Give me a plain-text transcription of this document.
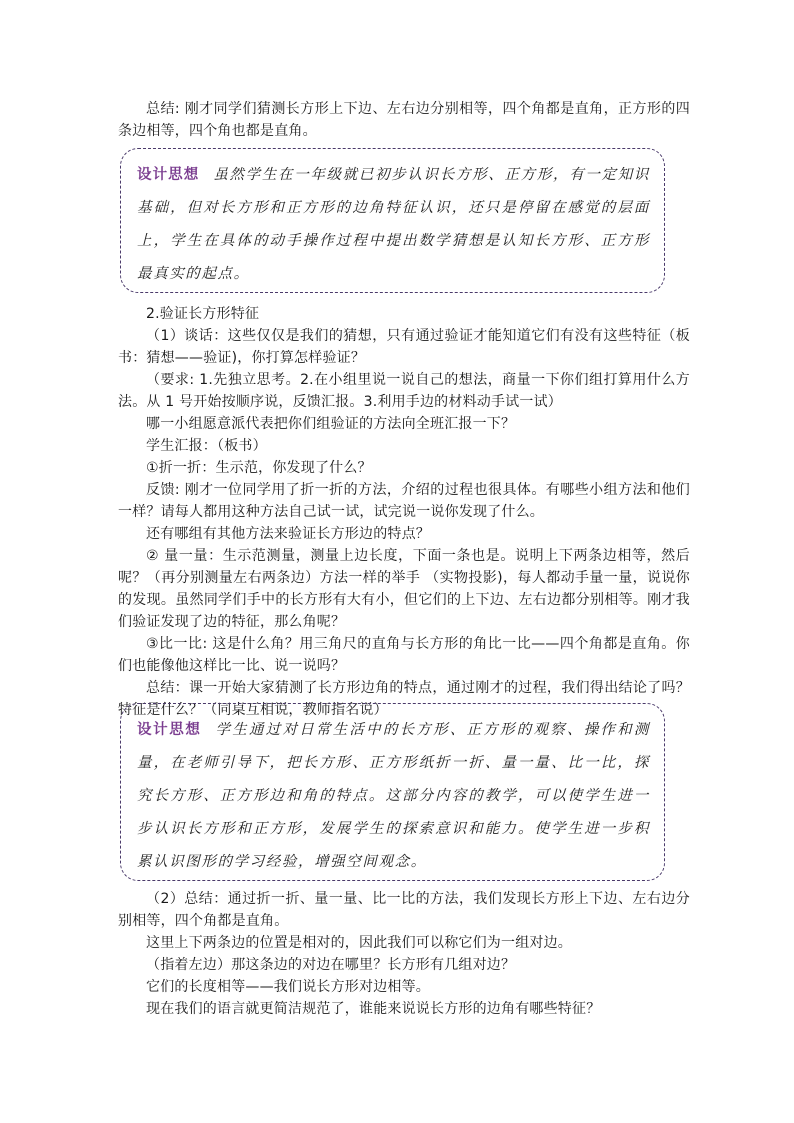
总结: 刚才同学们猜测长方形上下边、左右边分别相等，四个角都是直角，正方形的四条边相等，四个角也都是直角。

设计思想 虽然学生在一年级就已初步认识长方形、正方形，有一定知识基础，但对长方形和正方形的边角特征认识，还只是停留在感觉的层面上，学生在具体的动手操作过程中提出数学猜想是认知长方形、正方形最真实的起点。

2.验证长方形特征

（1）谈话：这些仅仅是我们的猜想，只有通过验证才能知道它们有没有这些特征（板书：猜想——验证)，你打算怎样验证？

（要求: 1.先独立思考。2.在小组里说一说自己的想法，商量一下你们组打算用什么方法。从 1 号开始按顺序说，反馈汇报。3.利用手边的材料动手试一试）

哪一小组愿意派代表把你们组验证的方法向全班汇报一下？

学生汇报：（板书）

①折一折：生示范，你发现了什么？

反馈: 刚才一位同学用了折一折的方法，介绍的过程也很具体。有哪些小组方法和他们一样？请每人都用这种方法自己试一试，试完说一说你发现了什么。

还有哪组有其他方法来验证长方形边的特点？

② 量一量：生示范测量，测量上边长度，下面一条也是。说明上下两条边相等，然后呢？（再分别测量左右两条边）方法一样的举手 （实物投影)，每人都动手量一量，说说你的发现。虽然同学们手中的长方形有大有小，但它们的上下边、左右边都分别相等。刚才我们验证发现了边的特征，那么角呢？

③比一比: 这是什么角？用三角尺的直角与长方形的角比一比——四个角都是直角。你们也能像他这样比一比、说一说吗？

总结：课一开始大家猜测了长方形边角的特点，通过刚才的过程，我们得出结论了吗？特征是什么？（同桌互相说，教师指名说）

设计思想 学生通过对日常生活中的长方形、正方形的观察、操作和测量，在老师引导下，把长方形、正方形纸折一折、量一量、比一比，探究长方形、正方形边和角的特点。这部分内容的教学，可以使学生进一步认识长方形和正方形，发展学生的探索意识和能力。使学生进一步积累认识图形的学习经验，增强空间观念。

（2）总结：通过折一折、量一量、比一比的方法，我们发现长方形上下边、左右边分别相等，四个角都是直角。

这里上下两条边的位置是相对的，因此我们可以称它们为一组对边。

（指着左边）那这条边的对边在哪里？长方形有几组对边？

它们的长度相等——我们说长方形对边相等。

现在我们的语言就更简洁规范了，谁能来说说长方形的边角有哪些特征？
